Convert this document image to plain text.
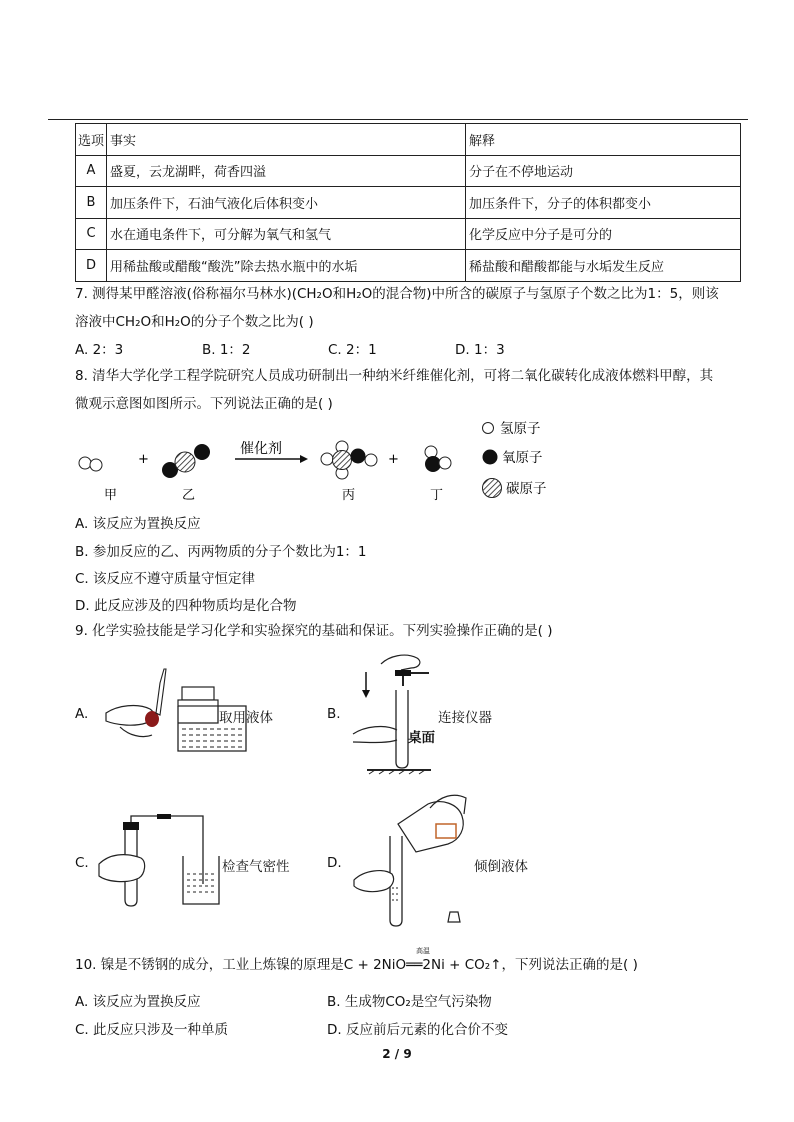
选项	事实	解释
A	盛夏，云龙湖畔，荷香四溢	分子在不停地运动
B	加压条件下，石油气液化后体积变小	加压条件下，分子的体积都变小
C	水在通电条件下，可分解为氧气和氢气	化学反应中分子是可分的
D	用稀盐酸或醋酸“酸洗”除去热水瓶中的水垢	稀盐酸和醋酸都能与水垢发生反应
7. 测得某甲醛溶液(俗称福尔马林水)(CH₂O和H₂O的混合物)中所含的碳原子与氢原子个数之比为1：5，则该
溶液中CH₂O和H₂O的分子个数之比为( )
A. 2：3	B. 1：2	C. 2：1	D. 1：3
8. 清华大学化学工程学院研究人员成功研制出一种纳米纤维催化剂，可将二氧化碳转化成液体燃料甲醇，其
微观示意图如图所示。下列说法正确的是( )
+
催化剂
+
甲	乙	丙	丁
氢原子
氧原子
碳原子
A. 该反应为置换反应
B. 参加反应的乙、丙两物质的分子个数比为1：1
C. 该反应不遵守质量守恒定律
D. 此反应涉及的四种物质均是化合物
9. 化学实验技能是学习化学和实验探究的基础和保证。下列实验操作正确的是( )
A.	取用液体	B.
桌面
连接仪器
C.	检查气密性	D.	倾倒液体
高温
10. 镍是不锈钢的成分，工业上炼镍的原理是C + 2NiO══2Ni + CO₂↑，下列说法正确的是( )
A. 该反应为置换反应	B. 生成物CO₂是空气污染物
C. 此反应只涉及一种单质	D. 反应前后元素的化合价不变
2 / 9
